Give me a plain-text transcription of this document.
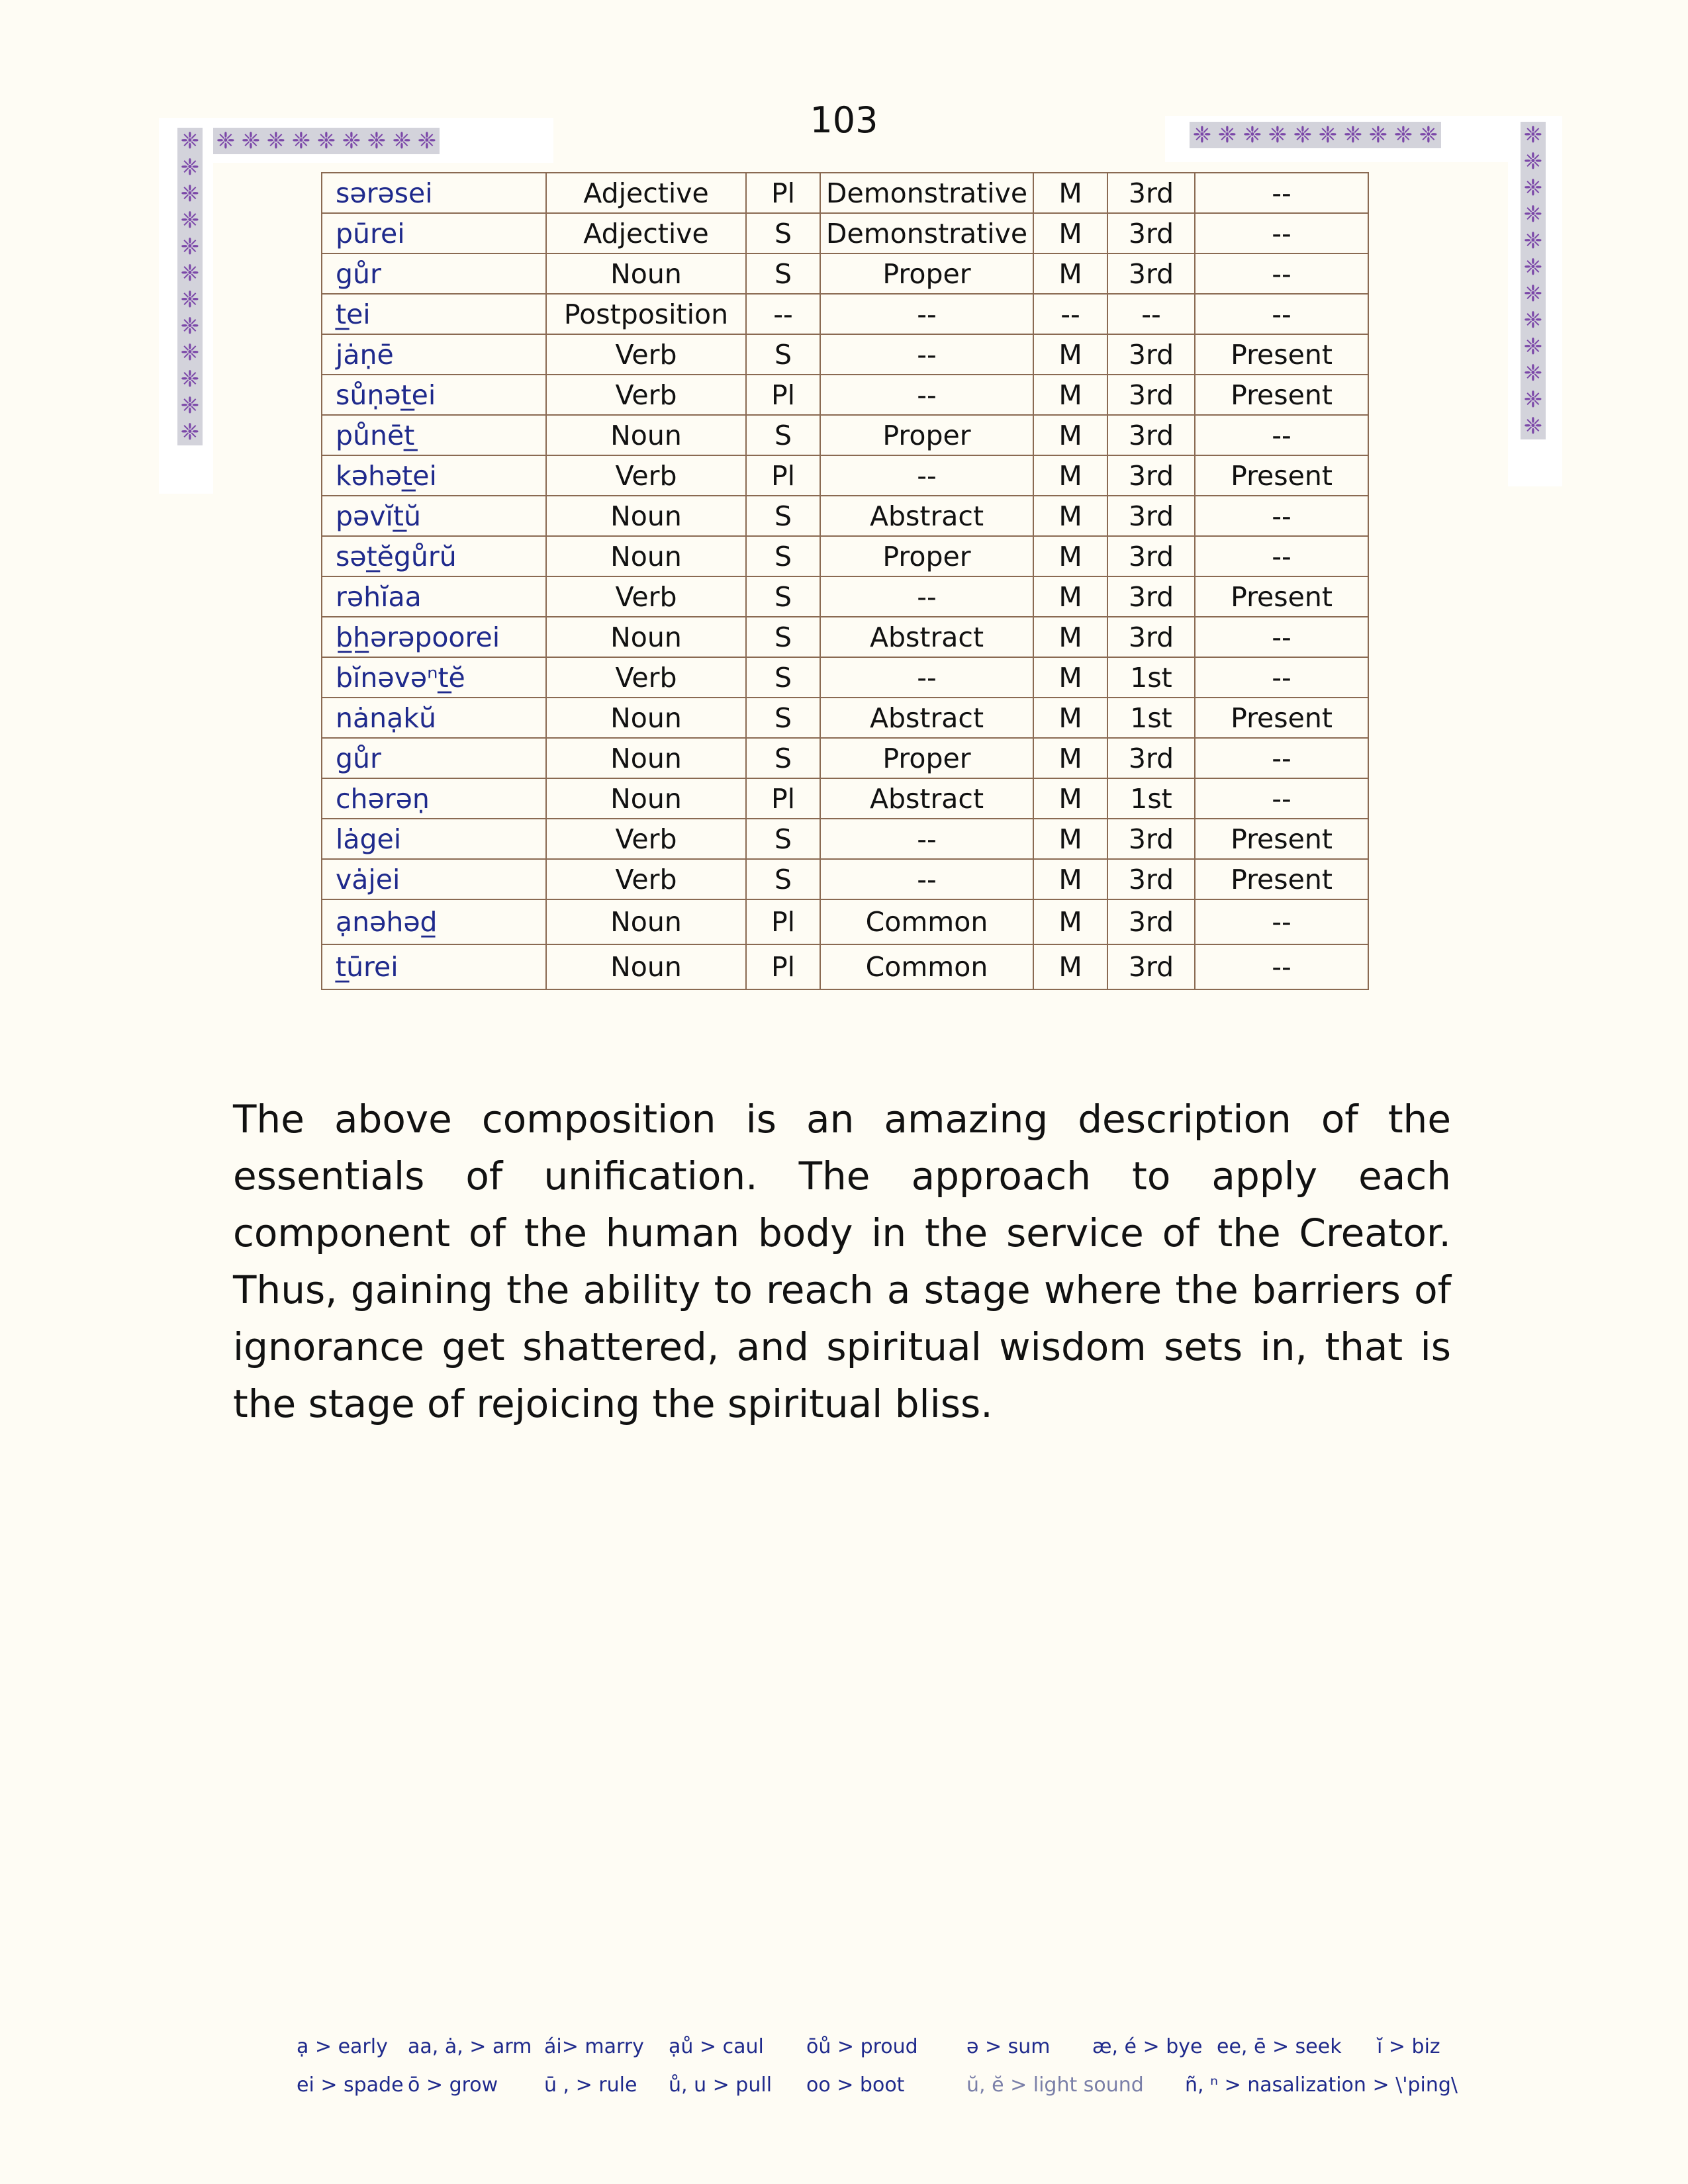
103
❈ ❈ ❈ ❈ ❈ ❈ ❈ ❈ ❈
❈
❈
❈
❈
❈
❈
❈
❈
❈
❈
❈
❈
❈ ❈ ❈ ❈ ❈ ❈ ❈ ❈ ❈ ❈	❈
❈
❈
❈
❈
❈
❈
❈
❈
❈
❈
❈
sərəsei	Adjective	Pl	Demonstrative	M	3rd	--
pūrei	Adjective	S	Demonstrative	M	3rd	--
gůr	Noun	S	Proper	M	3rd	--
t̲ei	Postposition	--	--	--	--	--
jȧṇē	Verb	S	--	M	3rd	Present
sůṇət̲ei	Verb	Pl	--	M	3rd	Present
půnēt̲	Noun	S	Proper	M	3rd	--
kəhət̲ei	Verb	Pl	--	M	3rd	Present
pəvĭt̲ŭ	Noun	S	Abstract	M	3rd	--
sət̲ĕgůrŭ	Noun	S	Proper	M	3rd	--
rəhĭaa	Verb	S	--	M	3rd	Present
b̲h̲ərəpoorei	Noun	S	Abstract	M	3rd	--
bĭnəvəⁿt̲ĕ	Verb	S	--	M	1st	--
nȧnạkŭ	Noun	S	Abstract	M	1st	Present
gůr	Noun	S	Proper	M	3rd	--
chərəṇ	Noun	Pl	Abstract	M	1st	--
lȧgei	Verb	S	--	M	3rd	Present
vȧjei	Verb	S	--	M	3rd	Present
ạnəhəd̲	Noun	Pl	Common	M	3rd	--
t̲ūrei	Noun	Pl	Common	M	3rd	--
The above composition is an amazing description of the essentials of unification. The approach to apply each component of the human body in the service of the Creator. Thus, gaining the ability to reach a stage where the barriers of ignorance get shattered, and spiritual wisdom sets in, that is the stage of rejoicing the spiritual bliss.
ạ > early aa, ȧ, > arm ái> marry ạů > caul ōů > proud ə > sum æ, é > bye ee, ē > seek ĭ > biz
ei > spade ō > grow ū , > rule ů, u > pull oo > boot	ŭ, ĕ > light sound ñ, ⁿ > nasalization > \'ping\
